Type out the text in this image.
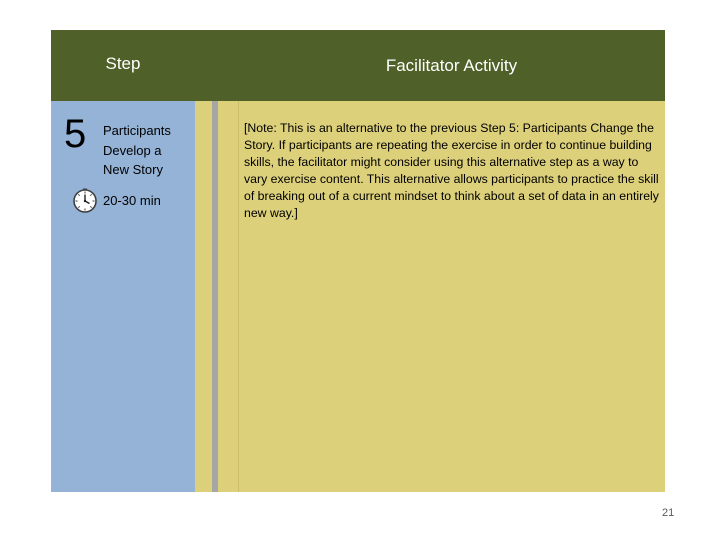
Step	Facilitator Activity
5 Participants Develop a New Story
20-30 min
[Note: This is an alternative to the previous Step 5: Participants Change the Story. If participants are repeating the exercise in order to continue building skills, the facilitator might consider using this alternative step as a way to vary exercise content. This alternative allows participants to practice the skill of breaking out of a current mindset to think about a set of data in an entirely new way.]
21
